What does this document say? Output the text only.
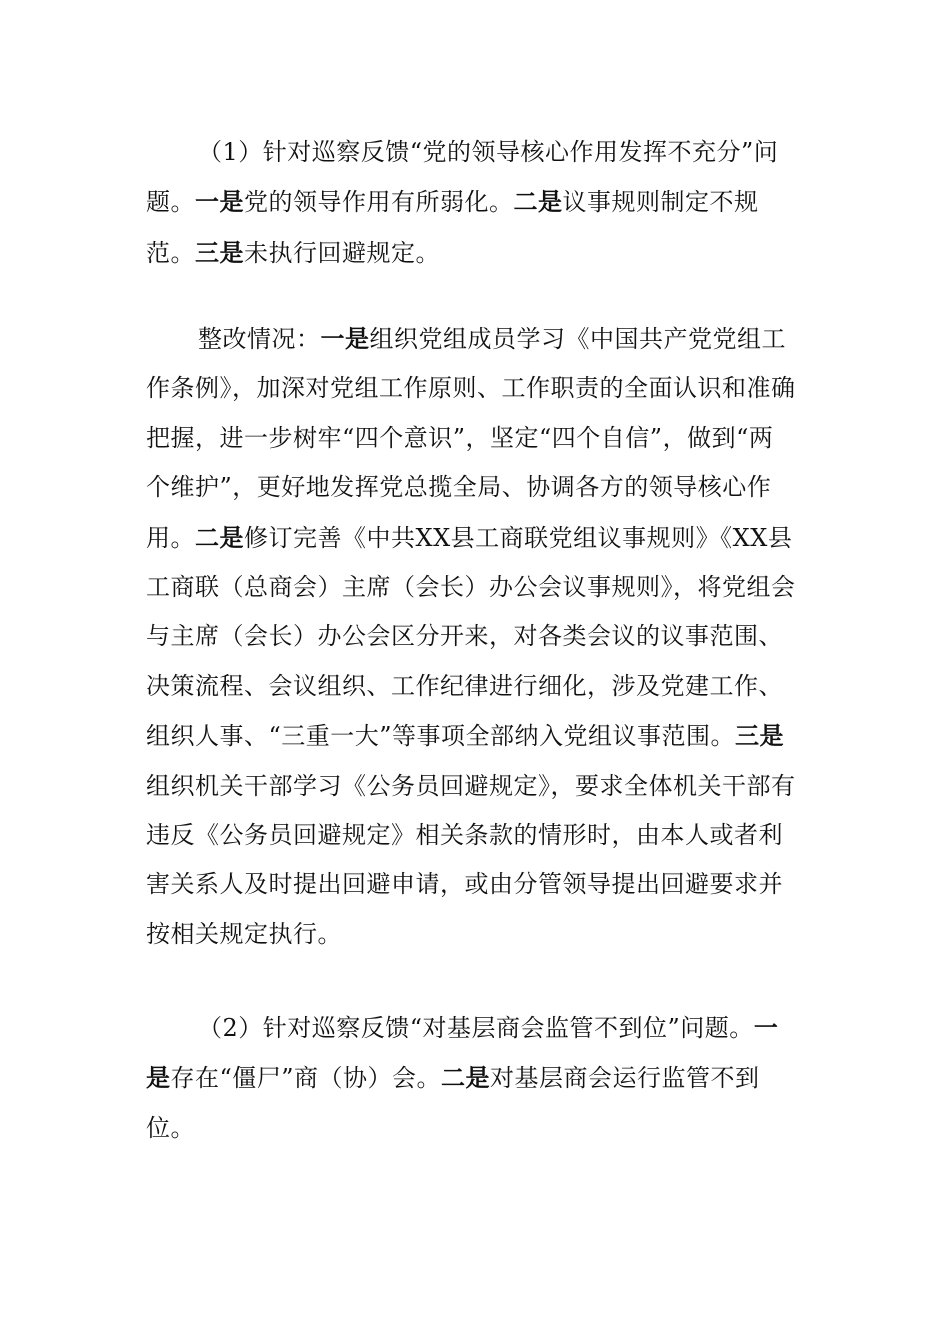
（1）针对巡察反馈“党的领导核心作用发挥不充分”问题。一是党的领导作用有所弱化。二是议事规则制定不规范。三是未执行回避规定。

整改情况：一是组织党组成员学习《中国共产党党组工作条例》，加深对党组工作原则、工作职责的全面认识和准确把握，进一步树牢“四个意识”，坚定“四个自信”，做到“两个维护”，更好地发挥党总揽全局、协调各方的领导核心作用。二是修订完善《中共XX县工商联党组议事规则》《XX县工商联（总商会）主席（会长）办公会议事规则》，将党组会与主席（会长）办公会区分开来，对各类会议的议事范围、决策流程、会议组织、工作纪律进行细化，涉及党建工作、组织人事、“三重一大”等事项全部纳入党组议事范围。三是组织机关干部学习《公务员回避规定》，要求全体机关干部有违反《公务员回避规定》相关条款的情形时，由本人或者利害关系人及时提出回避申请，或由分管领导提出回避要求并按相关规定执行。

（2）针对巡察反馈“对基层商会监管不到位”问题。一是存在“僵尸”商（协）会。二是对基层商会运行监管不到位。
